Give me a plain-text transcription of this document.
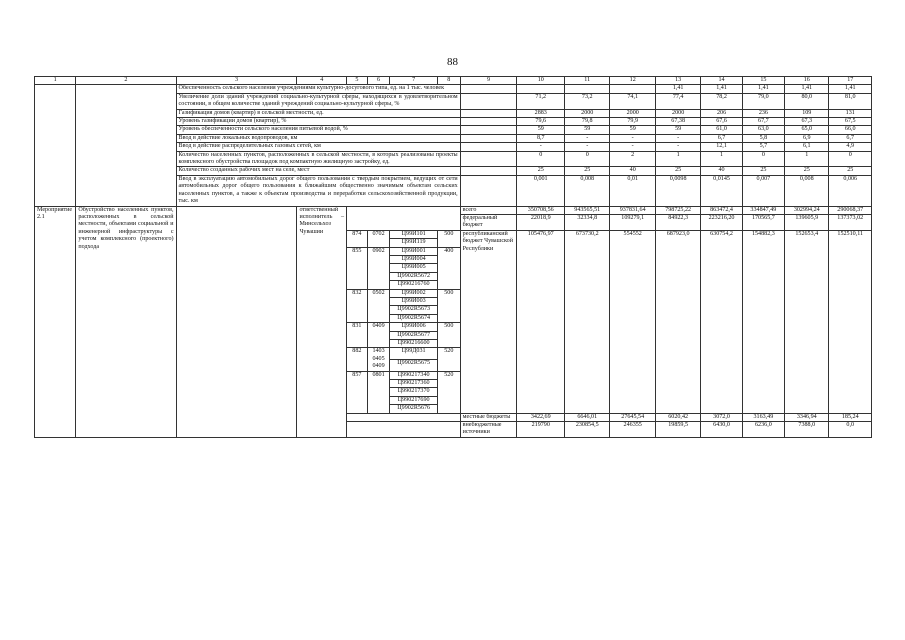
88
1	2	3	4	5	6	7	8	9	10	11	12	13	14	15	16	17
		Обеспеченность сельского населения учреждениями культурно-досугового типа, ед. на 1 тыс. человек										1,41	1,41	1,41	1,41	1,41
		Увеличение доли зданий учреждений социально-культурной сферы, находящихся в удовлетворительном состоянии, в общем количестве зданий учреждений социально-культурной сферы, %							71,2	73,2	74,1	77,4	78,2	79,0	80,0	81,0
		Газификация домов (квартир) в сельской местности, ед.							2883	2000	2000	2000	206	236	109	131
		Уровень газификации домов (квартир), %							79,6	79,8	79,9	67,38	67,6	67,7	67,3	67,5
		Уровень обеспеченности сельского населения питьевой водой, %							59	59	59	59	61,0	63,0	65,0	66,0
		Ввод в действие локальных водопроводов, км							8,7	-	-	-	6,7	5,8	6,9	6,7
		Ввод в действие распределительных газовых сетей, км							-	-	-	-	12,1	5,7	6,1	4,9
		Количество населенных пунктов, расположенных в сельской местности, в которых реализованы проекты комплексного обустройства площадок под компактную жилищную застройку, ед.							0	0	2	1	1	0	1	0
		Количество созданных рабочих мест на селе, мест							25	25	40	25	40	25	25	25
		Ввод в эксплуатацию автомобильных дорог общего пользования с твердым покрытием, ведущих от сети автомобильных дорог общего пользования к ближайшим общественно значимым объектам сельских населенных пунктов, а также к объектам производства и переработки сельскохозяйственной продукции, тыс. км							0,001	0,008	0,01	0,0098	0,0145	0,007	0,008	0,006
Мероприятие 2.1	Обустройство населенных пунктов, расположенных в сельской местности, объектами социальной и инженерной инфраструктуры с учетом комплексного (проектного) подхода		ответственный исполнитель – Минсельхоз Чувашии					всего	350708,56	943565,51	937831,64	798725,22	863472,4	334847,49	302994,24	290068,37
								федеральный бюджет	22018,9	32334,8	109279,1	84922,3	223216,20	170565,7	139605,9	137373,02
				874	0702	Ц99И101	500	республиканский бюджет Чувашской Республики	105476,97	673730,2	554552	687923,0	630754,2	154882,3	152653,4	152510,11
						Ц99И119										
				855	0902	Ц99И001	400									
						Ц99И004										
						Ц99И005										
						Ц9902R5672										
						Ц990216760										
				832	0502	Ц99И002	500									
						Ц99И003										
						Ц9902R5673										
						Ц9902R5674										
				831	0409	Ц99И006	500									
						Ц9902R5677										
						Ц990216600										
				882	1403 0405 0409	Ц99Д031	520									
						Ц9902R5675										
				857	0801	Ц990217340	520									
						Ц990217360										
						Ц990217370										
						Ц990217690										
						Ц9902R5676										
								местные бюджеты	3422,69	6646,01	27645,54	6020,42	3072,0	3163,49	3346,94	185,24
								внебюджетные источники	219790	230854,5	246355	19859,5	6430,0	6236,0	7388,0	0,0
